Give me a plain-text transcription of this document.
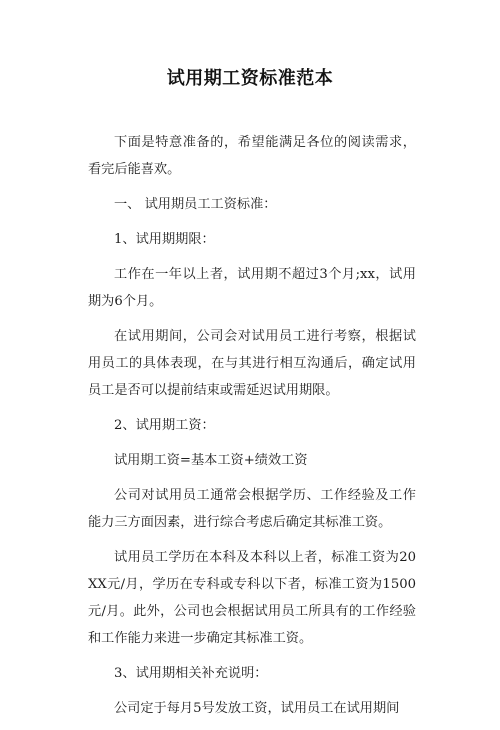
试用期工资标准范本

下面是特意准备的，希望能满足各位的阅读需求，看完后能喜欢。

一、 试用期员工工资标准：

1、试用期期限：

工作在一年以上者，试用期不超过3个月;xx，试用期为6个月。

在试用期间，公司会对试用员工进行考察，根据试用员工的具体表现，在与其进行相互沟通后，确定试用员工是否可以提前结束或需延迟试用期限。

2、试用期工资：

试用期工资=基本工资+绩效工资

公司对试用员工通常会根据学历、工作经验及工作能力三方面因素，进行综合考虑后确定其标准工资。

试用员工学历在本科及本科以上者，标准工资为20XX元/月，学历在专科或专科以下者，标准工资为1500元/月。此外，公司也会根据试用员工所具有的工作经验和工作能力来进一步确定其标准工资。

3、试用期相关补充说明：

公司定于每月5号发放工资，试用员工在试用期间
